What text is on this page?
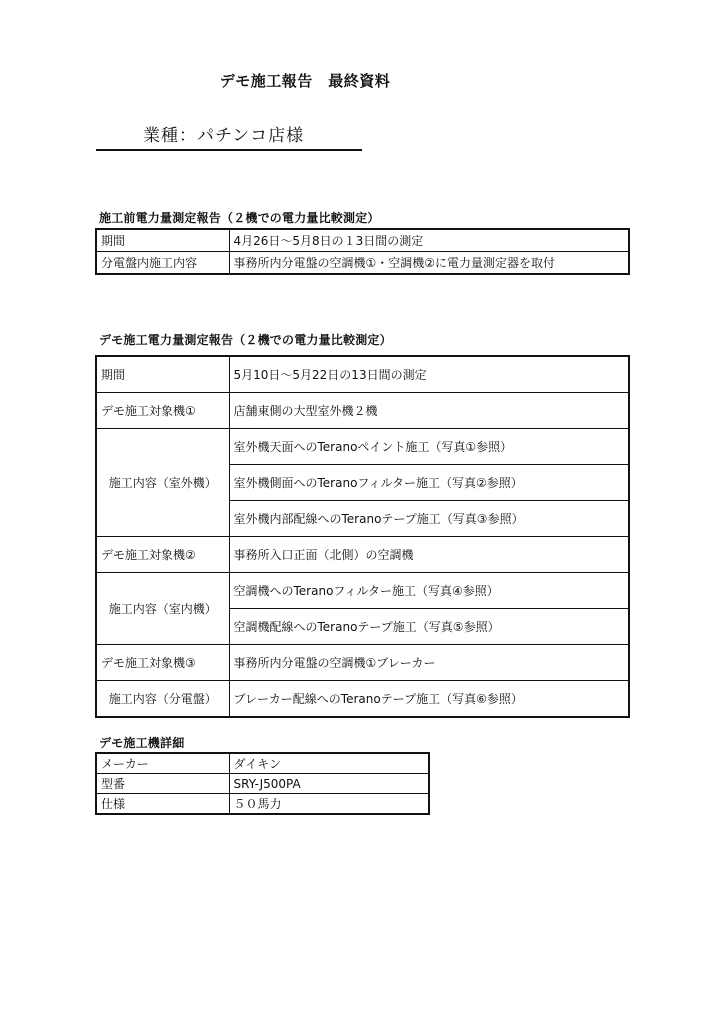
デモ施工報告　最終資料
業種：パチンコ店様
施工前電力量測定報告（２機での電力量比較測定）
期間	4月26日～5月8日の１3日間の測定
分電盤内施工内容	事務所内分電盤の空調機①・空調機②に電力量測定器を取付
デモ施工電力量測定報告（２機での電力量比較測定）
期間	5月10日～5月22日の13日間の測定
デモ施工対象機①	店舗東側の大型室外機２機
施工内容（室外機）	室外機天面へのTeranoペイント施工（写真①参照）
	室外機側面へのTeranoフィルター施工（写真②参照）
	室外機内部配線へのTeranoテープ施工（写真③参照）
デモ施工対象機②	事務所入口正面（北側）の空調機
施工内容（室内機）	空調機へのTeranoフィルター施工（写真④参照）
	空調機配線へのTeranoテープ施工（写真⑤参照）
デモ施工対象機③	事務所内分電盤の空調機①ブレーカー
施工内容（分電盤）	ブレーカー配線へのTeranoテープ施工（写真⑥参照）
デモ施工機詳細
メーカー	ダイキン
型番	SRY-J500PA
仕様	５０馬力
